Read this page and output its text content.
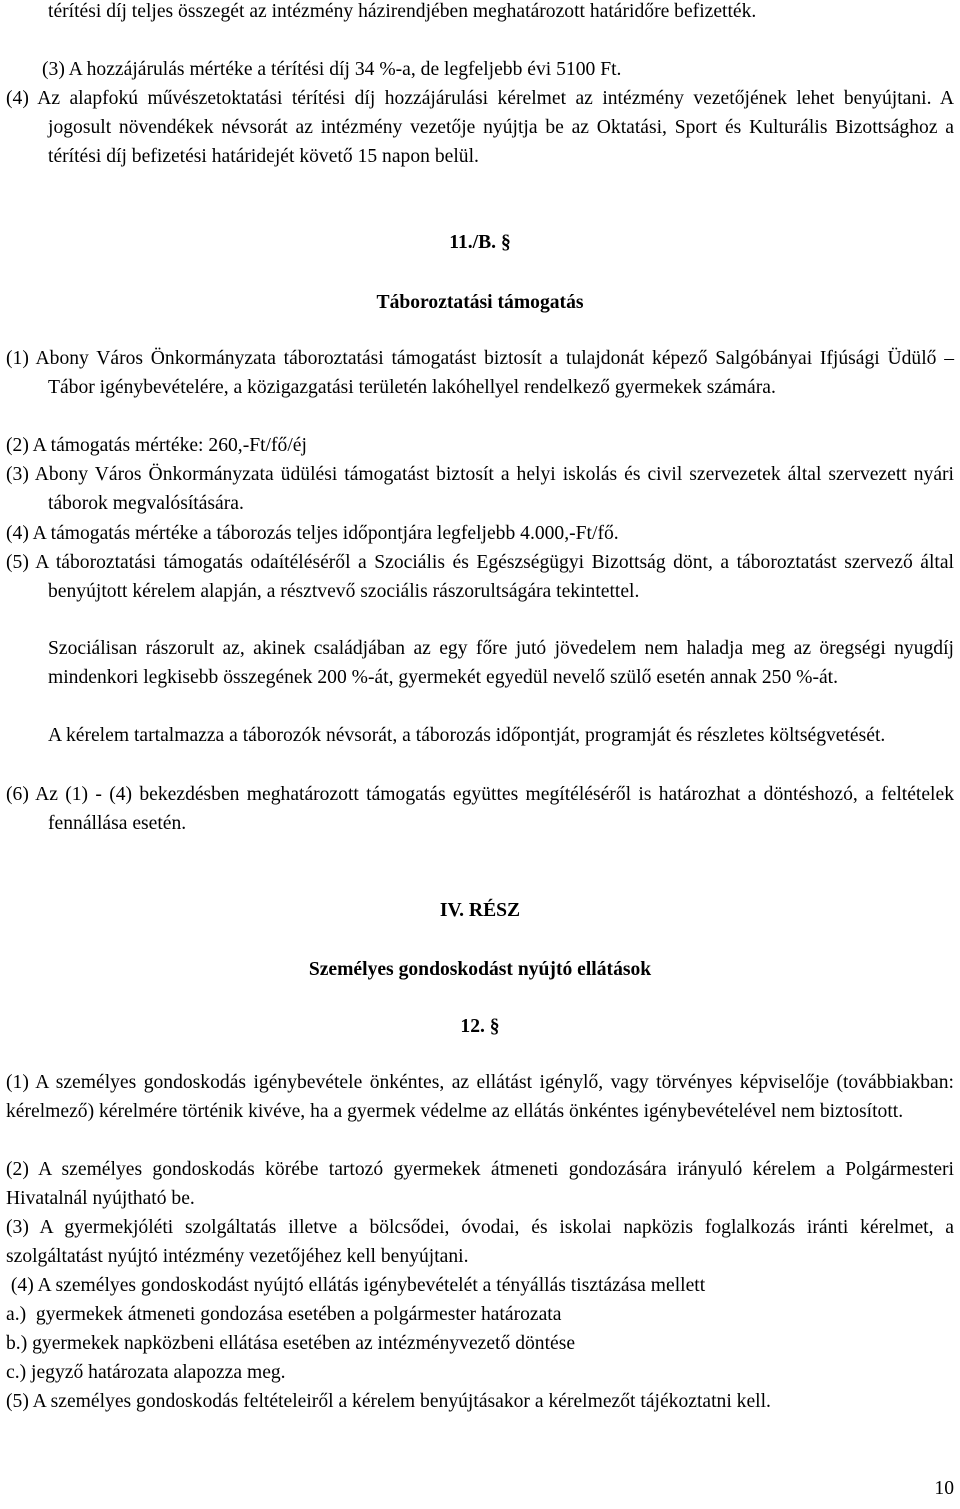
térítési díj teljes összegét az intézmény házirendjében meghatározott határidőre befizették.
(3) A hozzájárulás mértéke a térítési díj 34 %-a, de legfeljebb évi 5100 Ft.
(4) Az alapfokú művészetoktatási térítési díj hozzájárulási kérelmet az intézmény vezetőjének lehet benyújtani. A jogosult növendékek névsorát az intézmény vezetője nyújtja be az Oktatási, Sport és Kulturális Bizottsághoz a térítési díj befizetési határidejét követő 15 napon belül.
11./B. §
Táboroztatási támogatás
(1) Abony Város Önkormányzata táboroztatási támogatást biztosít a tulajdonát képező Salgóbányai Ifjúsági Üdülő – Tábor igénybevételére, a közigazgatási területén lakóhellyel rendelkező gyermekek számára.
(2) A támogatás mértéke: 260,-Ft/fő/éj
(3) Abony Város Önkormányzata üdülési támogatást biztosít a helyi iskolás és civil szervezetek által szervezett nyári táborok megvalósítására.
(4) A támogatás mértéke a táborozás teljes időpontjára legfeljebb 4.000,-Ft/fő.
(5) A táboroztatási támogatás odaítéléséről a Szociális és Egészségügyi Bizottság dönt, a táboroztatást szervező által benyújtott kérelem alapján, a résztvevő szociális rászorultságára tekintettel.
Szociálisan rászorult az, akinek családjában az egy főre jutó jövedelem nem haladja meg az öregségi nyugdíj mindenkori legkisebb összegének 200 %-át, gyermekét egyedül nevelő szülő esetén annak 250 %-át.
A kérelem tartalmazza a táborozók névsorát, a táborozás időpontját, programját és részletes költségvetését.
(6) Az (1) - (4) bekezdésben meghatározott támogatás együttes megítéléséről is határozhat a döntéshozó, a feltételek fennállása esetén.
IV. RÉSZ
Személyes gondoskodást nyújtó ellátások
12. §
(1) A személyes gondoskodás igénybevétele önkéntes, az ellátást igénylő, vagy törvényes képviselője (továbbiakban: kérelmező) kérelmére történik kivéve, ha a gyermek védelme az ellátás önkéntes igénybevételével nem biztosított.
(2) A személyes gondoskodás körébe tartozó gyermekek átmeneti gondozására irányuló kérelem a Polgármesteri Hivatalnál nyújtható be.
(3) A gyermekjóléti szolgáltatás illetve a bölcsődei, óvodai, és iskolai napközis foglalkozás iránti kérelmet, a szolgáltatást nyújtó intézmény vezetőjéhez kell benyújtani.
(4) A személyes gondoskodást nyújtó ellátás igénybevételét a tényállás tisztázása mellett
a.)  gyermekek átmeneti gondozása esetében a polgármester határozata
b.) gyermekek napközbeni ellátása esetében az intézményvezető döntése
c.) jegyző határozata alapozza meg.
(5) A személyes gondoskodás feltételeiről a kérelem benyújtásakor a kérelmezőt tájékoztatni kell.
10
